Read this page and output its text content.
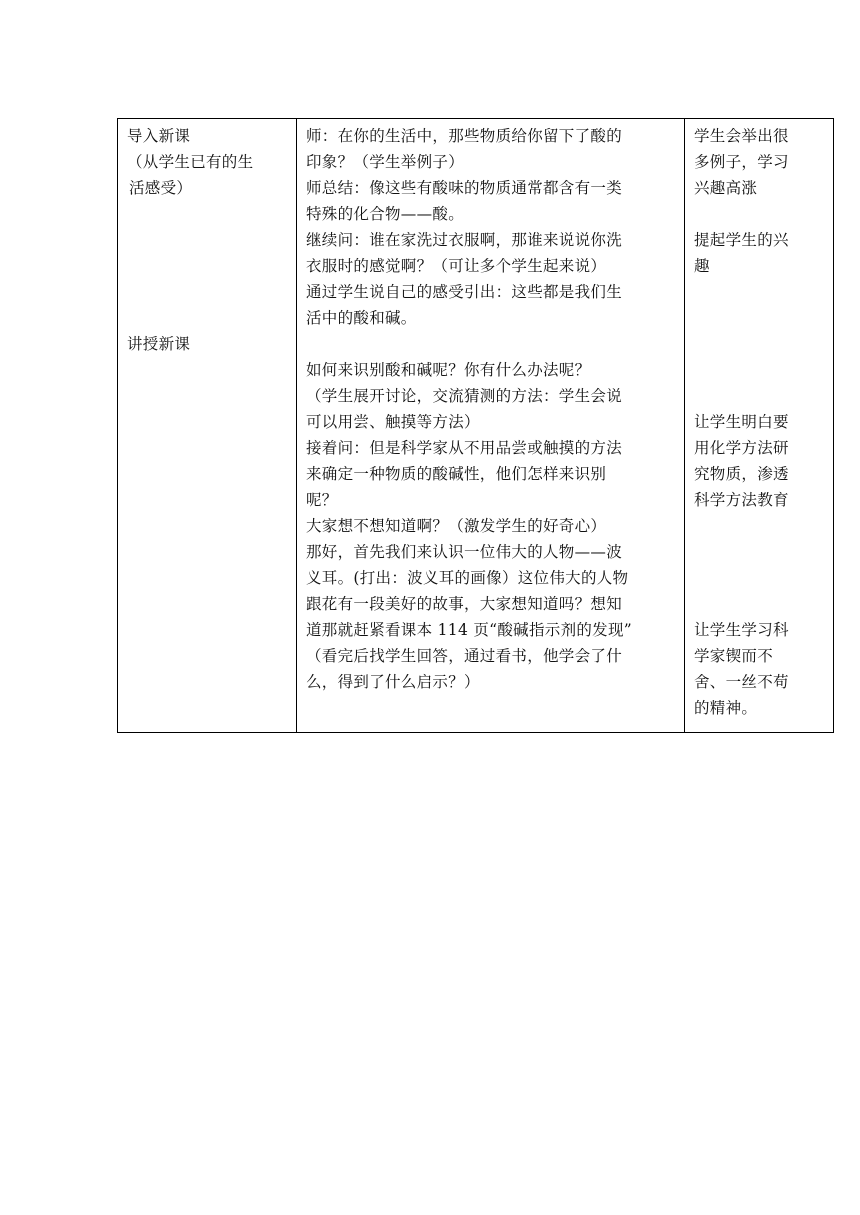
导入新课
（从学生已有的生
活感受）
讲授新课

师：在你的生活中，那些物质给你留下了酸的
印象？（学生举例子）
师总结：像这些有酸味的物质通常都含有一类
特殊的化合物——酸。
继续问：谁在家洗过衣服啊，那谁来说说你洗
衣服时的感觉啊？（可让多个学生起来说）
通过学生说自己的感受引出：这些都是我们生
活中的酸和碱。
如何来识别酸和碱呢？你有什么办法呢？
（学生展开讨论，交流猜测的方法：学生会说
可以用尝、触摸等方法）
接着问：但是科学家从不用品尝或触摸的方法
来确定一种物质的酸碱性，他们怎样来识别
呢？
大家想不想知道啊？（激发学生的好奇心）
那好，首先我们来认识一位伟大的人物——波
义耳。(打出：波义耳的画像）这位伟大的人物
跟花有一段美好的故事，大家想知道吗？想知
道那就赶紧看课本 114 页“酸碱指示剂的发现”
（看完后找学生回答，通过看书，他学会了什
么，得到了什么启示？）

学生会举出很
多例子，学习
兴趣高涨
提起学生的兴
趣
让学生明白要
用化学方法研
究物质，渗透
科学方法教育
让学生学习科
学家锲而不
舍、一丝不苟
的精神。
